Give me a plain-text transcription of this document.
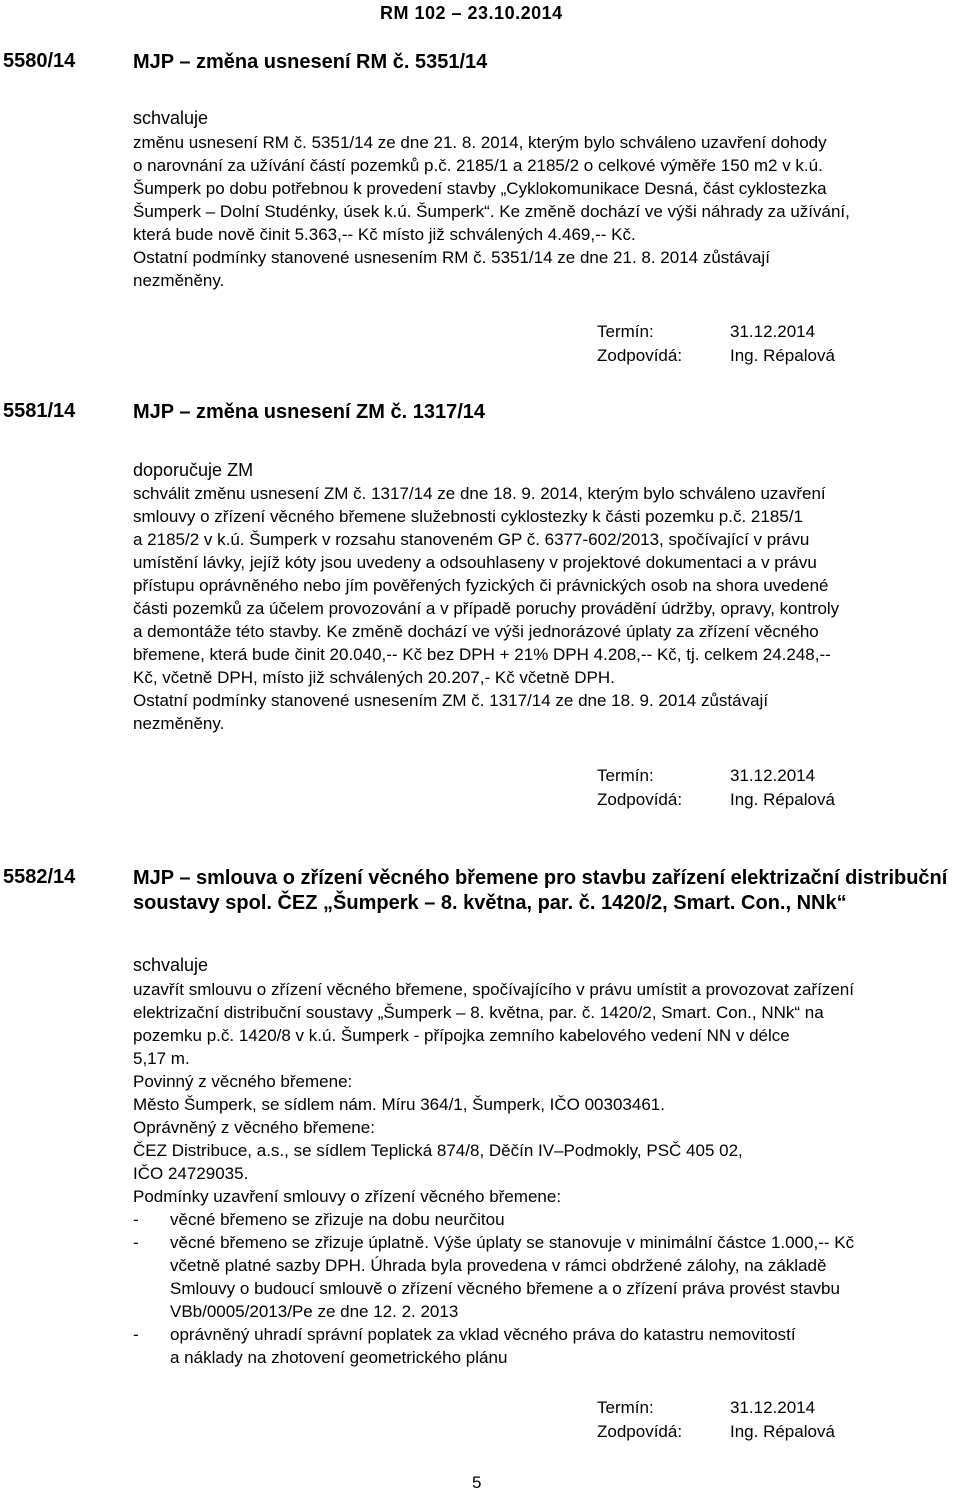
RM 102 – 23.10.2014
5580/14	MJP – změna usnesení RM č. 5351/14
schvaluje
změnu usnesení RM č. 5351/14 ze dne 21. 8. 2014, kterým bylo schváleno uzavření dohody
o narovnání za užívání částí pozemků p.č. 2185/1 a 2185/2 o celkové výměře 150 m2 v k.ú.
Šumperk po dobu potřebnou k provedení stavby „Cyklokomunikace Desná, část cyklostezka
Šumperk – Dolní Studénky, úsek k.ú. Šumperk“. Ke změně dochází ve výši náhrady za užívání,
která bude nově činit 5.363,-- Kč místo již schválených 4.469,-- Kč.
Ostatní podmínky stanovené usnesením RM č. 5351/14 ze dne 21. 8. 2014 zůstávají
nezměněny.
Termín:	31.12.2014
Zodpovídá:	Ing. Répalová
5581/14	MJP – změna usnesení ZM č. 1317/14
doporučuje ZM
schválit změnu usnesení ZM č. 1317/14 ze dne 18. 9. 2014, kterým bylo schváleno uzavření
smlouvy o zřízení věcného břemene služebnosti cyklostezky k části pozemku p.č. 2185/1
a 2185/2 v k.ú. Šumperk v rozsahu stanoveném GP č. 6377-602/2013, spočívající v právu
umístění lávky, jejíž kóty jsou uvedeny a odsouhlaseny v projektové dokumentaci a v právu
přístupu oprávněného nebo jím pověřených fyzických či právnických osob na shora uvedené
části pozemků za účelem provozování a v případě poruchy provádění údržby, opravy, kontroly
a demontáže této stavby. Ke změně dochází ve výši jednorázové úplaty za zřízení věcného
břemene, která bude činit 20.040,-- Kč bez DPH + 21% DPH 4.208,-- Kč, tj. celkem 24.248,--
Kč, včetně DPH, místo již schválených 20.207,- Kč včetně DPH.
Ostatní podmínky stanovené usnesením ZM č. 1317/14 ze dne 18. 9. 2014 zůstávají
nezměněny.
Termín:	31.12.2014
Zodpovídá:	Ing. Répalová
5582/14	MJP – smlouva o zřízení věcného břemene pro stavbu zařízení elektrizační distribuční
soustavy spol. ČEZ „Šumperk – 8. května, par. č. 1420/2, Smart. Con., NNk“
schvaluje
uzavřít smlouvu o zřízení věcného břemene, spočívajícího v právu umístit a provozovat zařízení
elektrizační distribuční soustavy „Šumperk – 8. května, par. č. 1420/2, Smart. Con., NNk“ na
pozemku p.č. 1420/8 v k.ú. Šumperk - přípojka zemního kabelového vedení NN v délce
5,17 m.
Povinný z věcného břemene:
Město Šumperk, se sídlem nám. Míru 364/1, Šumperk, IČO 00303461.
Oprávněný z věcného břemene:
ČEZ Distribuce, a.s., se sídlem Teplická 874/8, Děčín IV–Podmokly, PSČ 405 02,
IČO 24729035.
Podmínky uzavření smlouvy o zřízení věcného břemene:
-	věcné břemeno se zřizuje na dobu neurčitou
-	věcné břemeno se zřizuje úplatně. Výše úplaty se stanovuje v minimální částce 1.000,-- Kč
včetně platné sazby DPH. Úhrada byla provedena v rámci obdržené zálohy, na základě
Smlouvy o budoucí smlouvě o zřízení věcného břemene a o zřízení práva provést stavbu
VBb/0005/2013/Pe ze dne 12. 2. 2013
-	oprávněný uhradí správní poplatek za vklad věcného práva do katastru nemovitostí
a náklady na zhotovení geometrického plánu
Termín:	31.12.2014
Zodpovídá:	Ing. Répalová
5
